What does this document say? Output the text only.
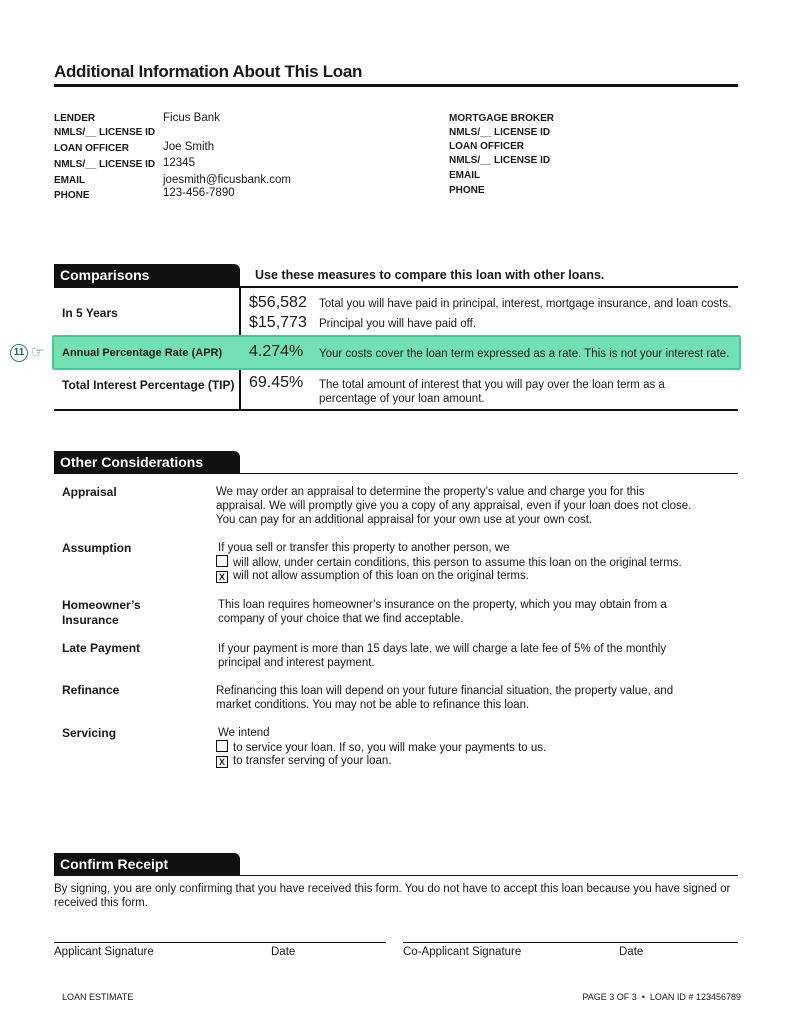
Additional Information About This Loan
LENDER	Ficus Bank
NMLS/__ LICENSE ID
LOAN OFFICER	Joe Smith
NMLS/__ LICENSE ID 12345
EMAIL	joesmith@ficusbank.com
PHONE	123-456-7890
MORTGAGE BROKER
NMLS/__ LICENSE ID
LOAN OFFICER
NMLS/__ LICENSE ID
EMAIL
PHONE
Comparisons	Use these measures to compare this loan with other loans.
In 5 Years
$56,582 Total you will have paid in principal, interest, mortgage insurance, and loan costs.
$15,773 Principal you will have paid off.
11 ☞ Annual Percentage Rate (APR) 4.274% Your costs cover the loan term expressed as a rate. This is not your interest rate.
Total Interest Percentage (TIP) 69.45% The total amount of interest that you will pay over the loan term as a
percentage of your loan amount.
Other Considerations
Appraisal	We may order an appraisal to determine the property’s value and charge you for this
appraisal. We will promptly give you a copy of any appraisal, even if your loan does not close.
You can pay for an additional appraisal for your own use at your own cost.
Assumption	If youa sell or transfer this property to another person, we
will allow, under certain conditions, this person to assume this loan on the original terms.
X will not allow assumption of this loan on the original terms.
Homeowner’s
Insurance
This loan requires homeowner’s insurance on the property, which you may obtain from a
company of your choice that we find acceptable.
Late Payment	If your payment is more than 15 days late, we will charge a late fee of 5% of the monthly
principal and interest payment.
Refinance	Refinancing this loan will depend on your future financial situation, the property value, and
market conditions. You may not be able to refinance this loan.
Servicing	We intend
to service your loan. If so, you will make your payments to us.
X to transfer serving of your loan.
Confirm Receipt
By signing, you are only confirming that you have received this form. You do not have to accept this loan because you have signed or
received this form.
Applicant Signature	Date	Co-Applicant Signature	Date
LOAN ESTIMATE	PAGE 3 OF 3  •  LOAN ID # 123456789
